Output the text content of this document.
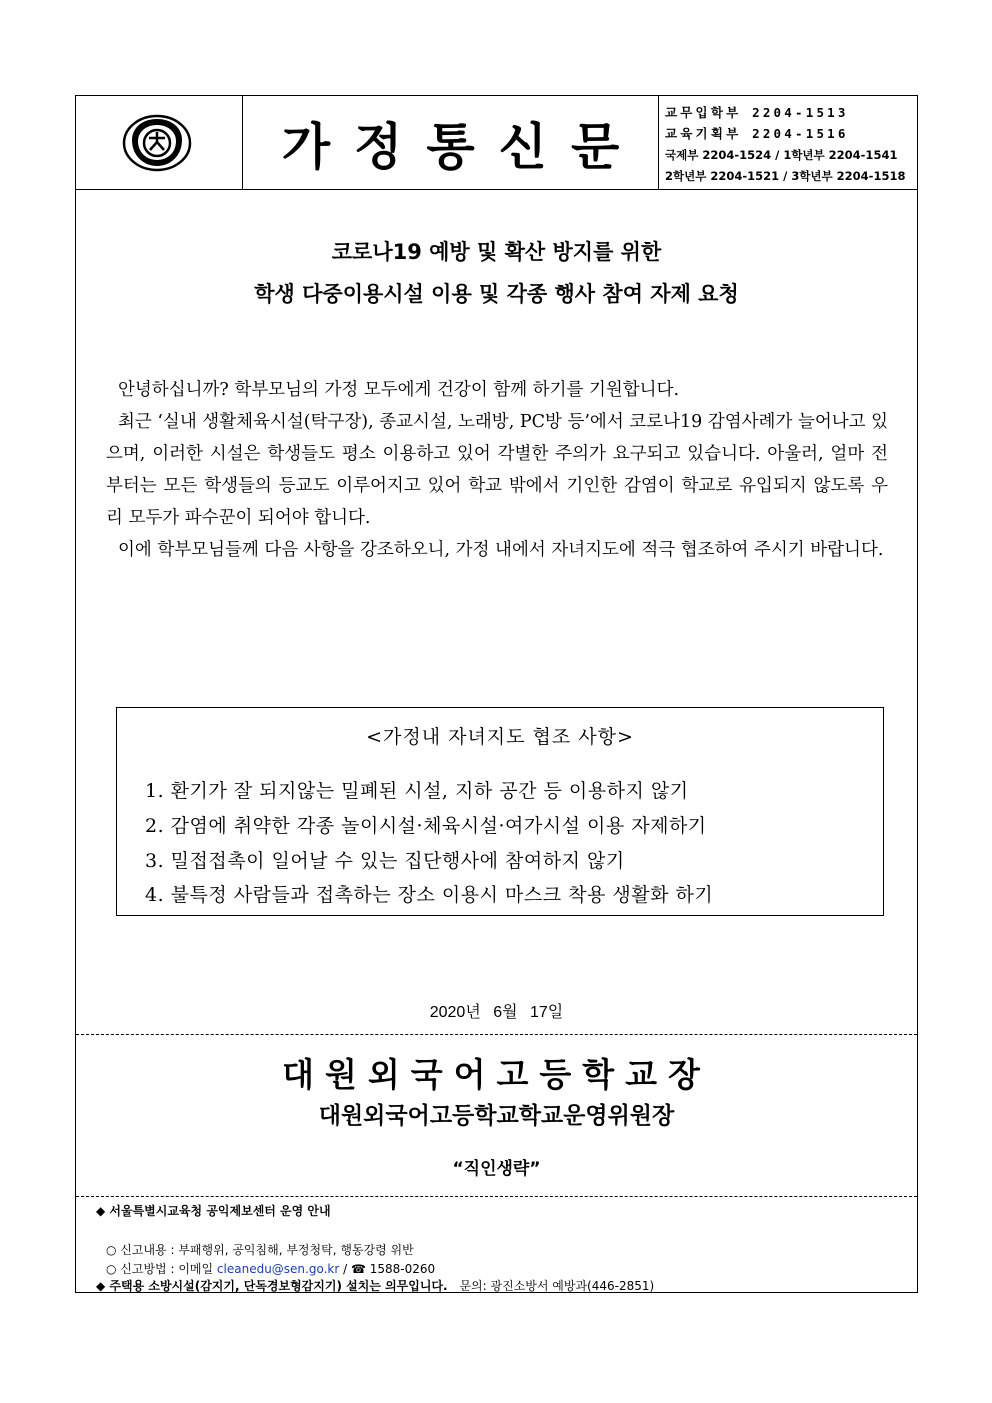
가정통신문
교무입학부 2204-1513
교육기획부 2204-1516
국제부 2204-1524 / 1학년부 2204-1541
2학년부 2204-1521 / 3학년부 2204-1518
코로나19 예방 및 확산 방지를 위한
학생 다중이용시설 이용 및 각종 행사 참여 자제 요청

안녕하십니까? 학부모님의 가정 모두에게 건강이 함께 하기를 기원합니다.

최근 ‘실내 생활체육시설(탁구장), 종교시설, 노래방, PC방 등’에서 코로나19 감염사례가 늘어나고 있으며, 이러한 시설은 학생들도 평소 이용하고 있어 각별한 주의가 요구되고 있습니다. 아울러, 얼마 전부터는 모든 학생들의 등교도 이루어지고 있어 학교 밖에서 기인한 감염이 학교로 유입되지 않도록 우리 모두가 파수꾼이 되어야 합니다.

이에 학부모님들께 다음 사항을 강조하오니, 가정 내에서 자녀지도에 적극 협조하여 주시기 바랍니다.

<가정내 자녀지도 협조 사항>
1. 환기가 잘 되지않는 밀폐된 시설, 지하 공간 등 이용하지 않기
2. 감염에 취약한 각종 놀이시설·체육시설·여가시설 이용 자제하기
3. 밀접접촉이 일어날 수 있는 집단행사에 참여하지 않기
4. 불특정 사람들과 접촉하는 장소 이용시 마스크 착용 생활화 하기
2020년 6월 17일
대원외국어고등학교장
대원외국어고등학교학교운영위원장
“직인생략”
◆ 서울특별시교육청 공익제보센터 운영 안내
○ 신고내용 : 부패행위, 공익침해, 부정청탁, 행동강령 위반
○ 신고방법 : 이메일 cleanedu@sen.go.kr / ☎ 1588-0260
◆ 주택용 소방시설(감지기, 단독경보형감지기) 설치는 의무입니다. 문의: 광진소방서 예방과(446-2851)
